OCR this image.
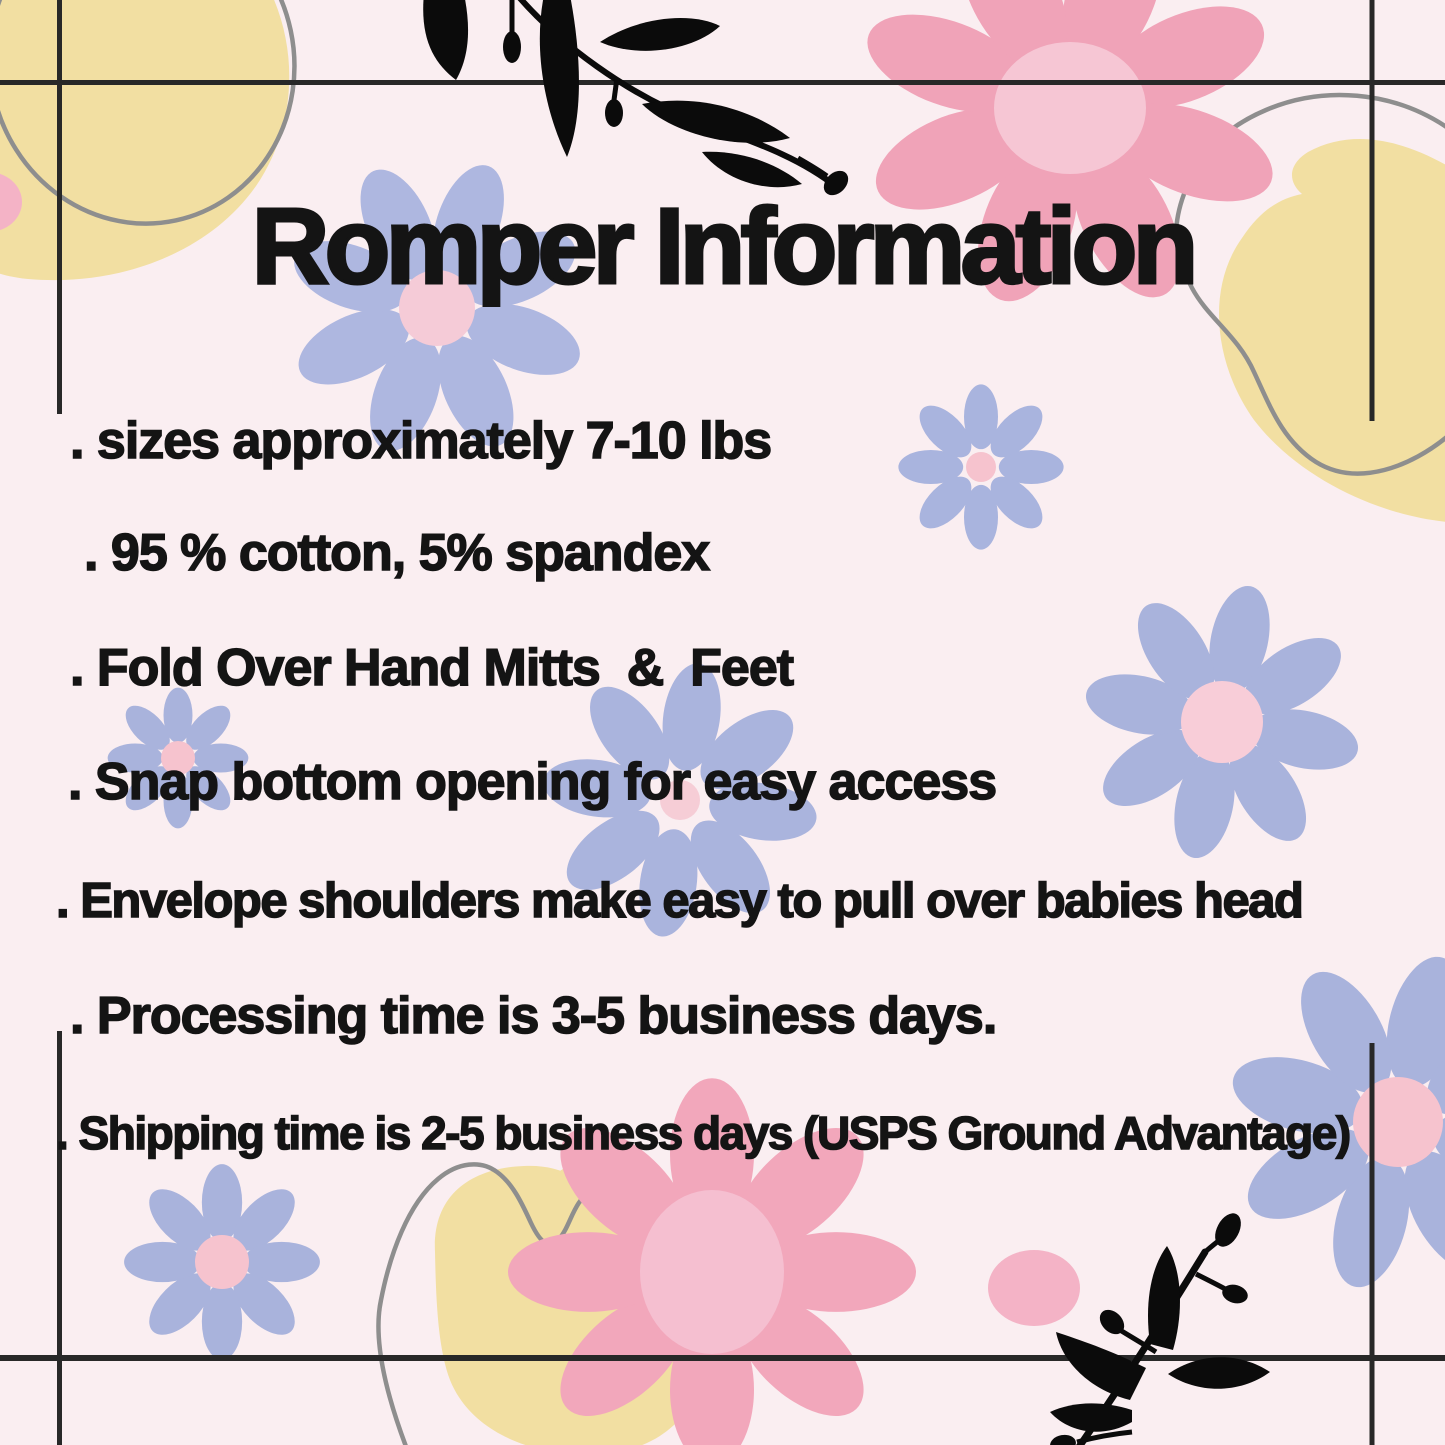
Romper Information
. sizes approximately 7-10 lbs
. 95 % cotton, 5% spandex
. Fold Over Hand Mitts  &  Feet
. Snap bottom opening for easy access
. Envelope shoulders make easy to pull over babies head
. Processing time is 3-5 business days.
. Shipping time is 2-5 business days (USPS Ground Advantage)
